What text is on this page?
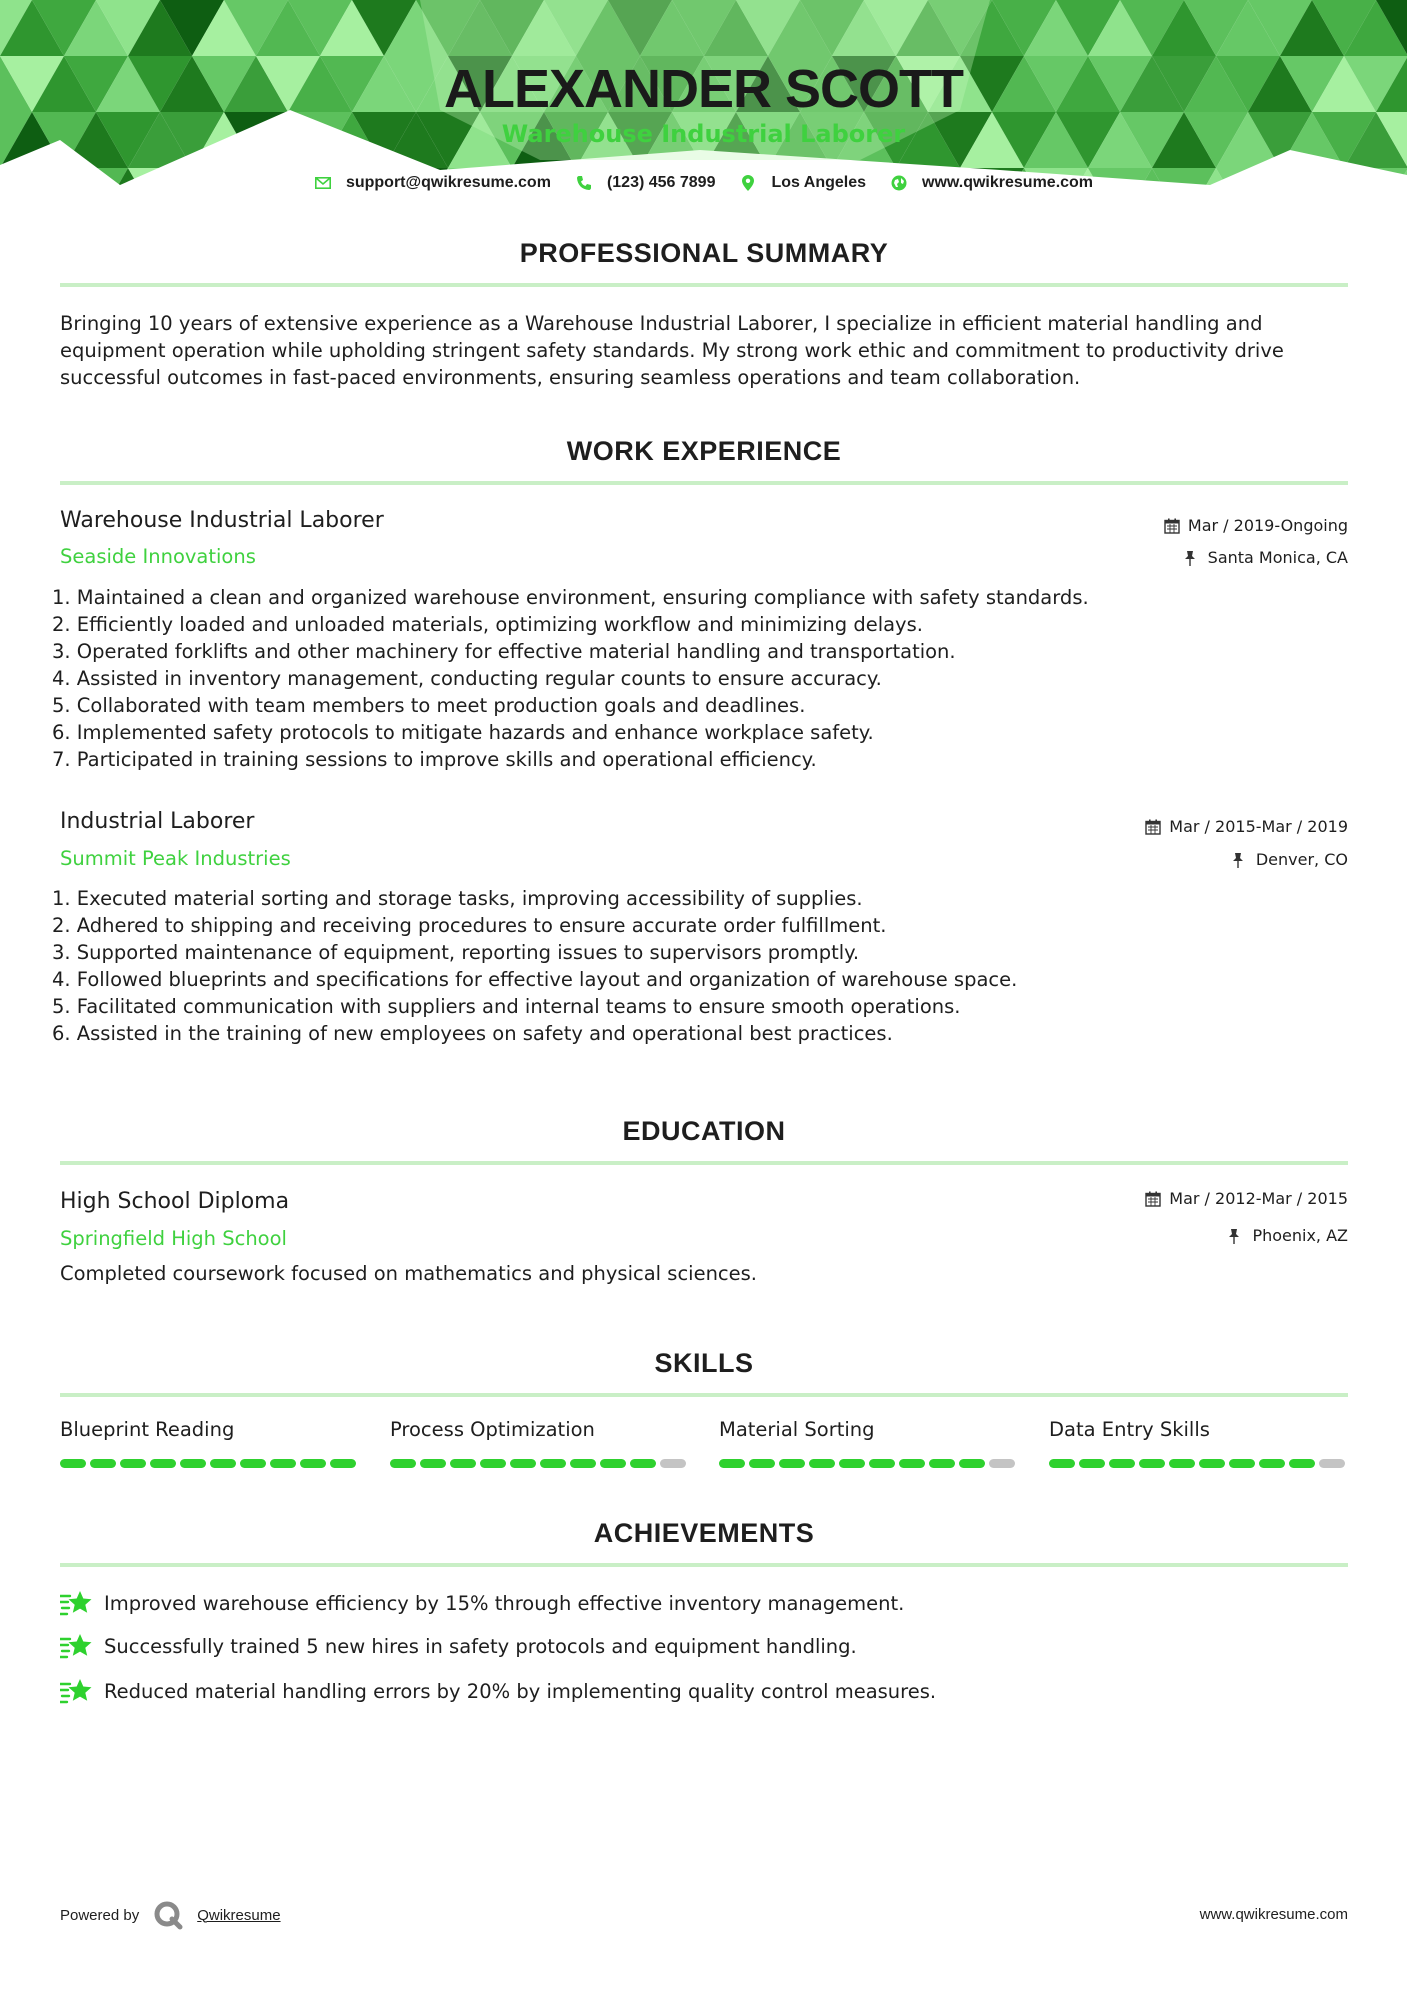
ALEXANDER SCOTT
Warehouse Industrial Laborer
support@qwikresume.com	(123) 456 7899	Los Angeles	www.qwikresume.com
PROFESSIONAL SUMMARY
Bringing 10 years of extensive experience as a Warehouse Industrial Laborer, I specialize in efficient material handling and equipment operation while upholding stringent safety standards. My strong work ethic and commitment to productivity drive successful outcomes in fast-paced environments, ensuring seamless operations and team collaboration.
WORK EXPERIENCE
Warehouse Industrial Laborer
Seaside Innovations
Mar / 2019-Ongoing
Santa Monica, CA
1. Maintained a clean and organized warehouse environment, ensuring compliance with safety standards.
2. Efficiently loaded and unloaded materials, optimizing workflow and minimizing delays.
3. Operated forklifts and other machinery for effective material handling and transportation.
4. Assisted in inventory management, conducting regular counts to ensure accuracy.
5. Collaborated with team members to meet production goals and deadlines.
6. Implemented safety protocols to mitigate hazards and enhance workplace safety.
7. Participated in training sessions to improve skills and operational efficiency.
Industrial Laborer
Summit Peak Industries
Mar / 2015-Mar / 2019
Denver, CO
1. Executed material sorting and storage tasks, improving accessibility of supplies.
2. Adhered to shipping and receiving procedures to ensure accurate order fulfillment.
3. Supported maintenance of equipment, reporting issues to supervisors promptly.
4. Followed blueprints and specifications for effective layout and organization of warehouse space.
5. Facilitated communication with suppliers and internal teams to ensure smooth operations.
6. Assisted in the training of new employees on safety and operational best practices.
EDUCATION
High School Diploma
Springfield High School
Mar / 2012-Mar / 2015
Phoenix, AZ
Completed coursework focused on mathematics and physical sciences.
SKILLS
Blueprint Reading	Process Optimization	Material Sorting	Data Entry Skills
ACHIEVEMENTS
Improved warehouse efficiency by 15% through effective inventory management.
Successfully trained 5 new hires in safety protocols and equipment handling.
Reduced material handling errors by 20% by implementing quality control measures.
Powered by	Qwikresume	www.qwikresume.com
